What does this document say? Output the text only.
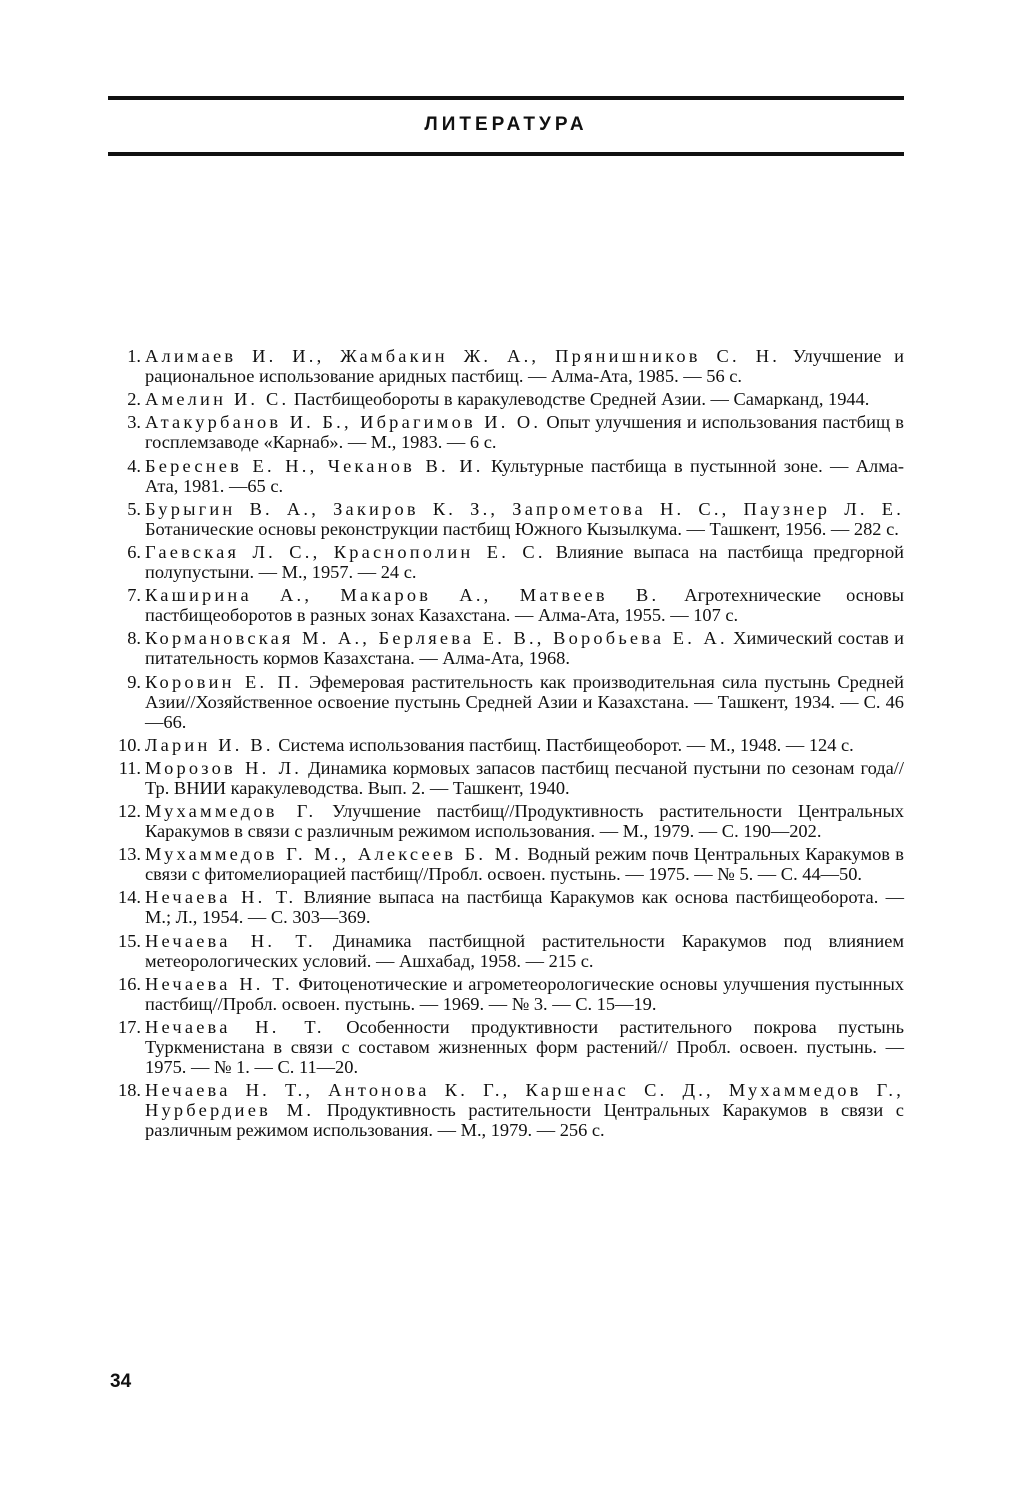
ЛИТЕРАТУРА
1. Алимаев И. И., Жамбакин Ж. А., Прянишников С. Н. Улучшение и рациональное использование аридных пастбищ. — Алма-Ата, 1985. — 56 с.
2. Амелин И. С. Пастбищеобороты в каракулеводстве Средней Азии. — Самарканд, 1944.
3. Атакурбанов И. Б., Ибрагимов И. О. Опыт улучшения и использования пастбищ в госплемзаводе «Карнаб». — М., 1983. — 6 с.
4. Береснев Е. Н., Чеканов В. И. Культурные пастбища в пустынной зоне. — Алма-Ата, 1981. —65 с.
5. Бурыгин В. А., Закиров К. З., Запрометова Н. С., Паузнер Л. Е. Ботанические основы реконструкции пастбищ Южного Кызылкума. — Ташкент, 1956. — 282 с.
6. Гаевская Л. С., Краснополин Е. С. Влияние выпаса на пастбища предгорной полупустыни. — М., 1957. — 24 с.
7. Каширина А., Макаров А., Матвеев В. Агротехнические основы пастбищеоборотов в разных зонах Казахстана. — Алма-Ата, 1955. — 107 с.
8. Кормановская М. А., Берляева Е. В., Воробьева Е. А. Химический состав и питательность кормов Казахстана. — Алма-Ата, 1968.
9. Коровин Е. П. Эфемеровая растительность как производительная сила пустынь Средней Азии//Хозяйственное освоение пустынь Средней Азии и Казахстана. — Ташкент, 1934. — С. 46—66.
10. Ларин И. В. Система использования пастбищ. Пастбищеоборот. — М., 1948. — 124 с.
11. Морозов Н. Л. Динамика кормовых запасов пастбищ песчаной пустыни по сезонам года//Тр. ВНИИ каракулеводства. Вып. 2. — Ташкент, 1940.
12. Мухаммедов Г. Улучшение пастбищ//Продуктивность растительности Центральных Каракумов в связи с различным режимом использования. — М., 1979. — С. 190—202.
13. Мухаммедов Г. М., Алексеев Б. М. Водный режим почв Центральных Каракумов в связи с фитомелиорацией пастбищ//Пробл. освоен. пустынь. — 1975. — № 5. — С. 44—50.
14. Нечаева Н. Т. Влияние выпаса на пастбища Каракумов как основа пастбищеоборота. — М.; Л., 1954. — С. 303—369.
15. Нечаева Н. Т. Динамика пастбищной растительности Каракумов под влиянием метеорологических условий. — Ашхабад, 1958. — 215 с.
16. Нечаева Н. Т. Фитоценотические и агрометеорологические основы улучшения пустынных пастбищ//Пробл. освоен. пустынь. — 1969. — № 3. — С. 15—19.
17. Нечаева Н. Т. Особенности продуктивности растительного покрова пустынь Туркменистана в связи с составом жизненных форм растений// Пробл. освоен. пустынь. — 1975. — № 1. — С. 11—20.
18. Нечаева Н. Т., Антонова К. Г., Каршенас С. Д., Мухаммедов Г., Нурбердиев М. Продуктивность растительности Центральных Каракумов в связи с различным режимом использования. — М., 1979. — 256 с.
34
